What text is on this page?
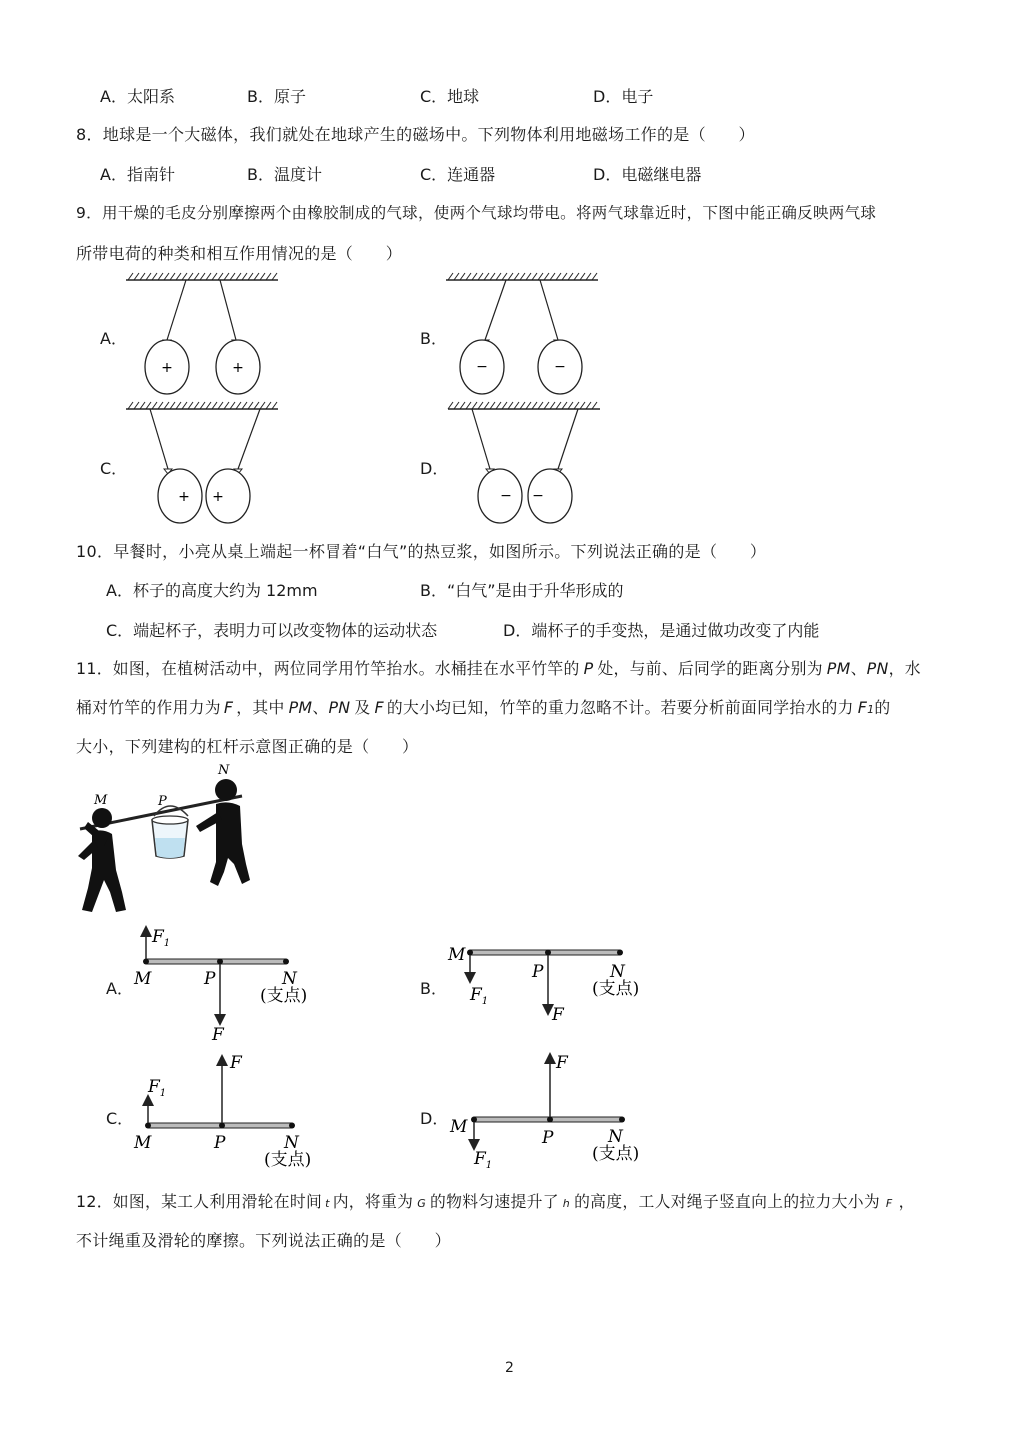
A．太阳系	B．原子	C．地球	D．电子
8．地球是一个大磁体，我们就处在地球产生的磁场中。下列物体利用地磁场工作的是（　　）
A．指南针	B．温度计	C．连通器	D．电磁继电器
9．用干燥的毛皮分别摩擦两个由橡胶制成的气球，使两个气球均带电。将两气球靠近时，下图中能正确反映两气球
所带电荷的种类和相互作用情况的是（　　）
A．	B．
C．	D．
+	+	−	−
+ +	− −
10．早餐时，小亮从桌上端起一杯冒着“白气”的热豆浆，如图所示。下列说法正确的是（　　）
A．杯子的高度大约为 12mm	B．“白气”是由于升华形成的
C．端起杯子，表明力可以改变物体的运动状态	D．端杯子的手变热，是通过做功改变了内能
11．如图，在植树活动中，两位同学用竹竿抬水。水桶挂在水平竹竿的 P 处，与前、后同学的距离分别为 PM、PN，水
桶对竹竿的作用力为 F ，其中 PM、PN 及 F 的大小均已知，竹竿的重力忽略不计。若要分析前面同学抬水的力 F1的
大小，下列建构的杠杆示意图正确的是（　　）
M	P
N
A．	B．
C．	D．
$F_1$
M	P	N
(支点)
F
M
P	N
(支点)
$F_1$
F
$F_1$
F
M	P	N
(支点)
F
M
P	N
(支点)
$F_1$
12．如图，某工人利用滑轮在时间 t 内，将重为 G 的物料匀速提升了 h 的高度，工人对绳子竖直向上的拉力大小为 F ，
不计绳重及滑轮的摩擦。下列说法正确的是（　　）
2
